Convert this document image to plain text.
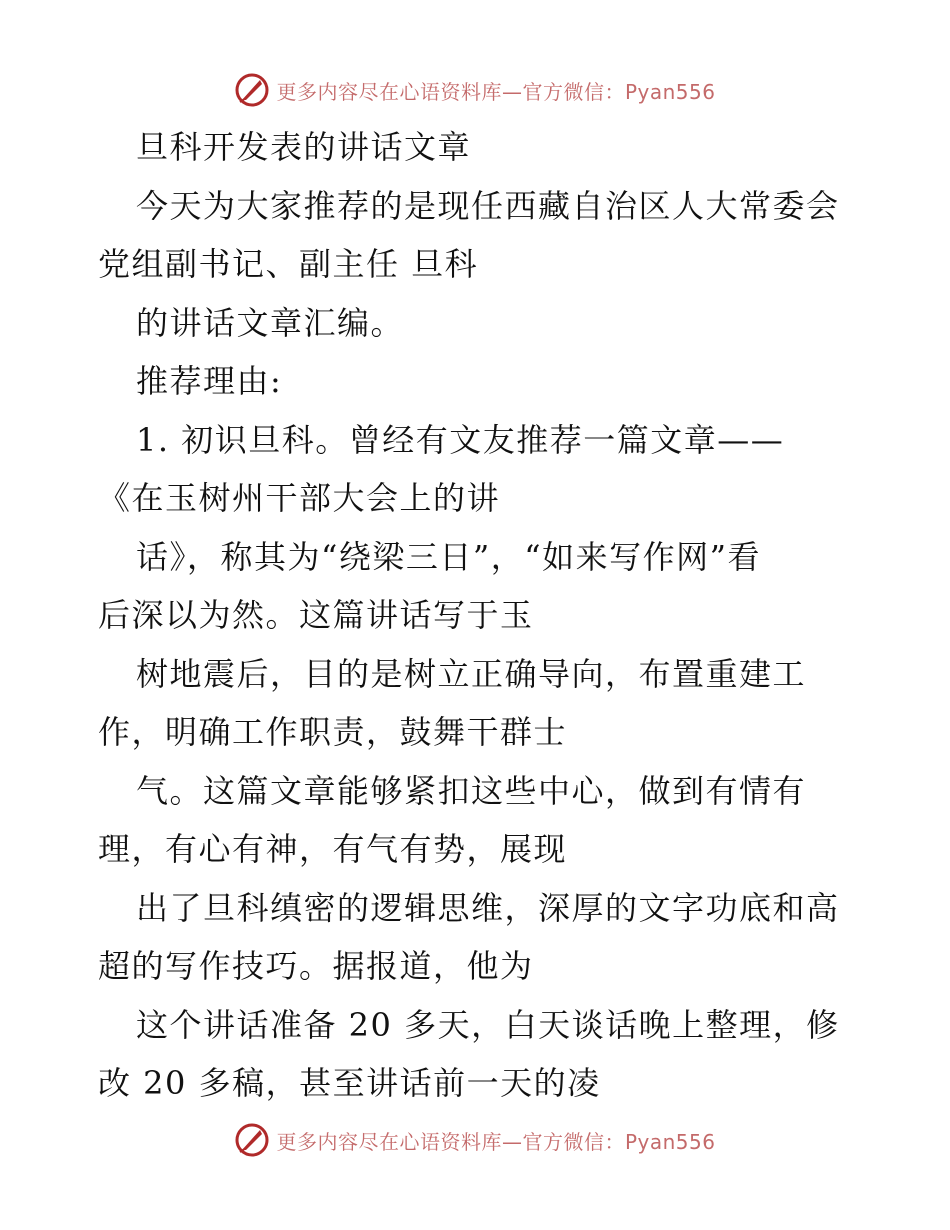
更多内容尽在心语资料库—官方微信：Pyan556
旦科开发表的讲话文章
今天为大家推荐的是现任西藏自治区人大常委会
党组副书记、副主任 旦科
的讲话文章汇编。
推荐理由:
1. 初识旦科。曾经有文友推荐一篇文章——
《在玉树州干部大会上的讲
话》，称其为“绕梁三日”，“如来写作网”看
后深以为然。这篇讲话写于玉
树地震后，目的是树立正确导向，布置重建工
作，明确工作职责，鼓舞干群士
气。这篇文章能够紧扣这些中心，做到有情有
理，有心有神，有气有势，展现
出了旦科缜密的逻辑思维，深厚的文字功底和高
超的写作技巧。据报道，他为
这个讲话准备 20 多天，白天谈话晚上整理，修
改 20 多稿，甚至讲话前一天的凌
更多内容尽在心语资料库—官方微信：Pyan556
